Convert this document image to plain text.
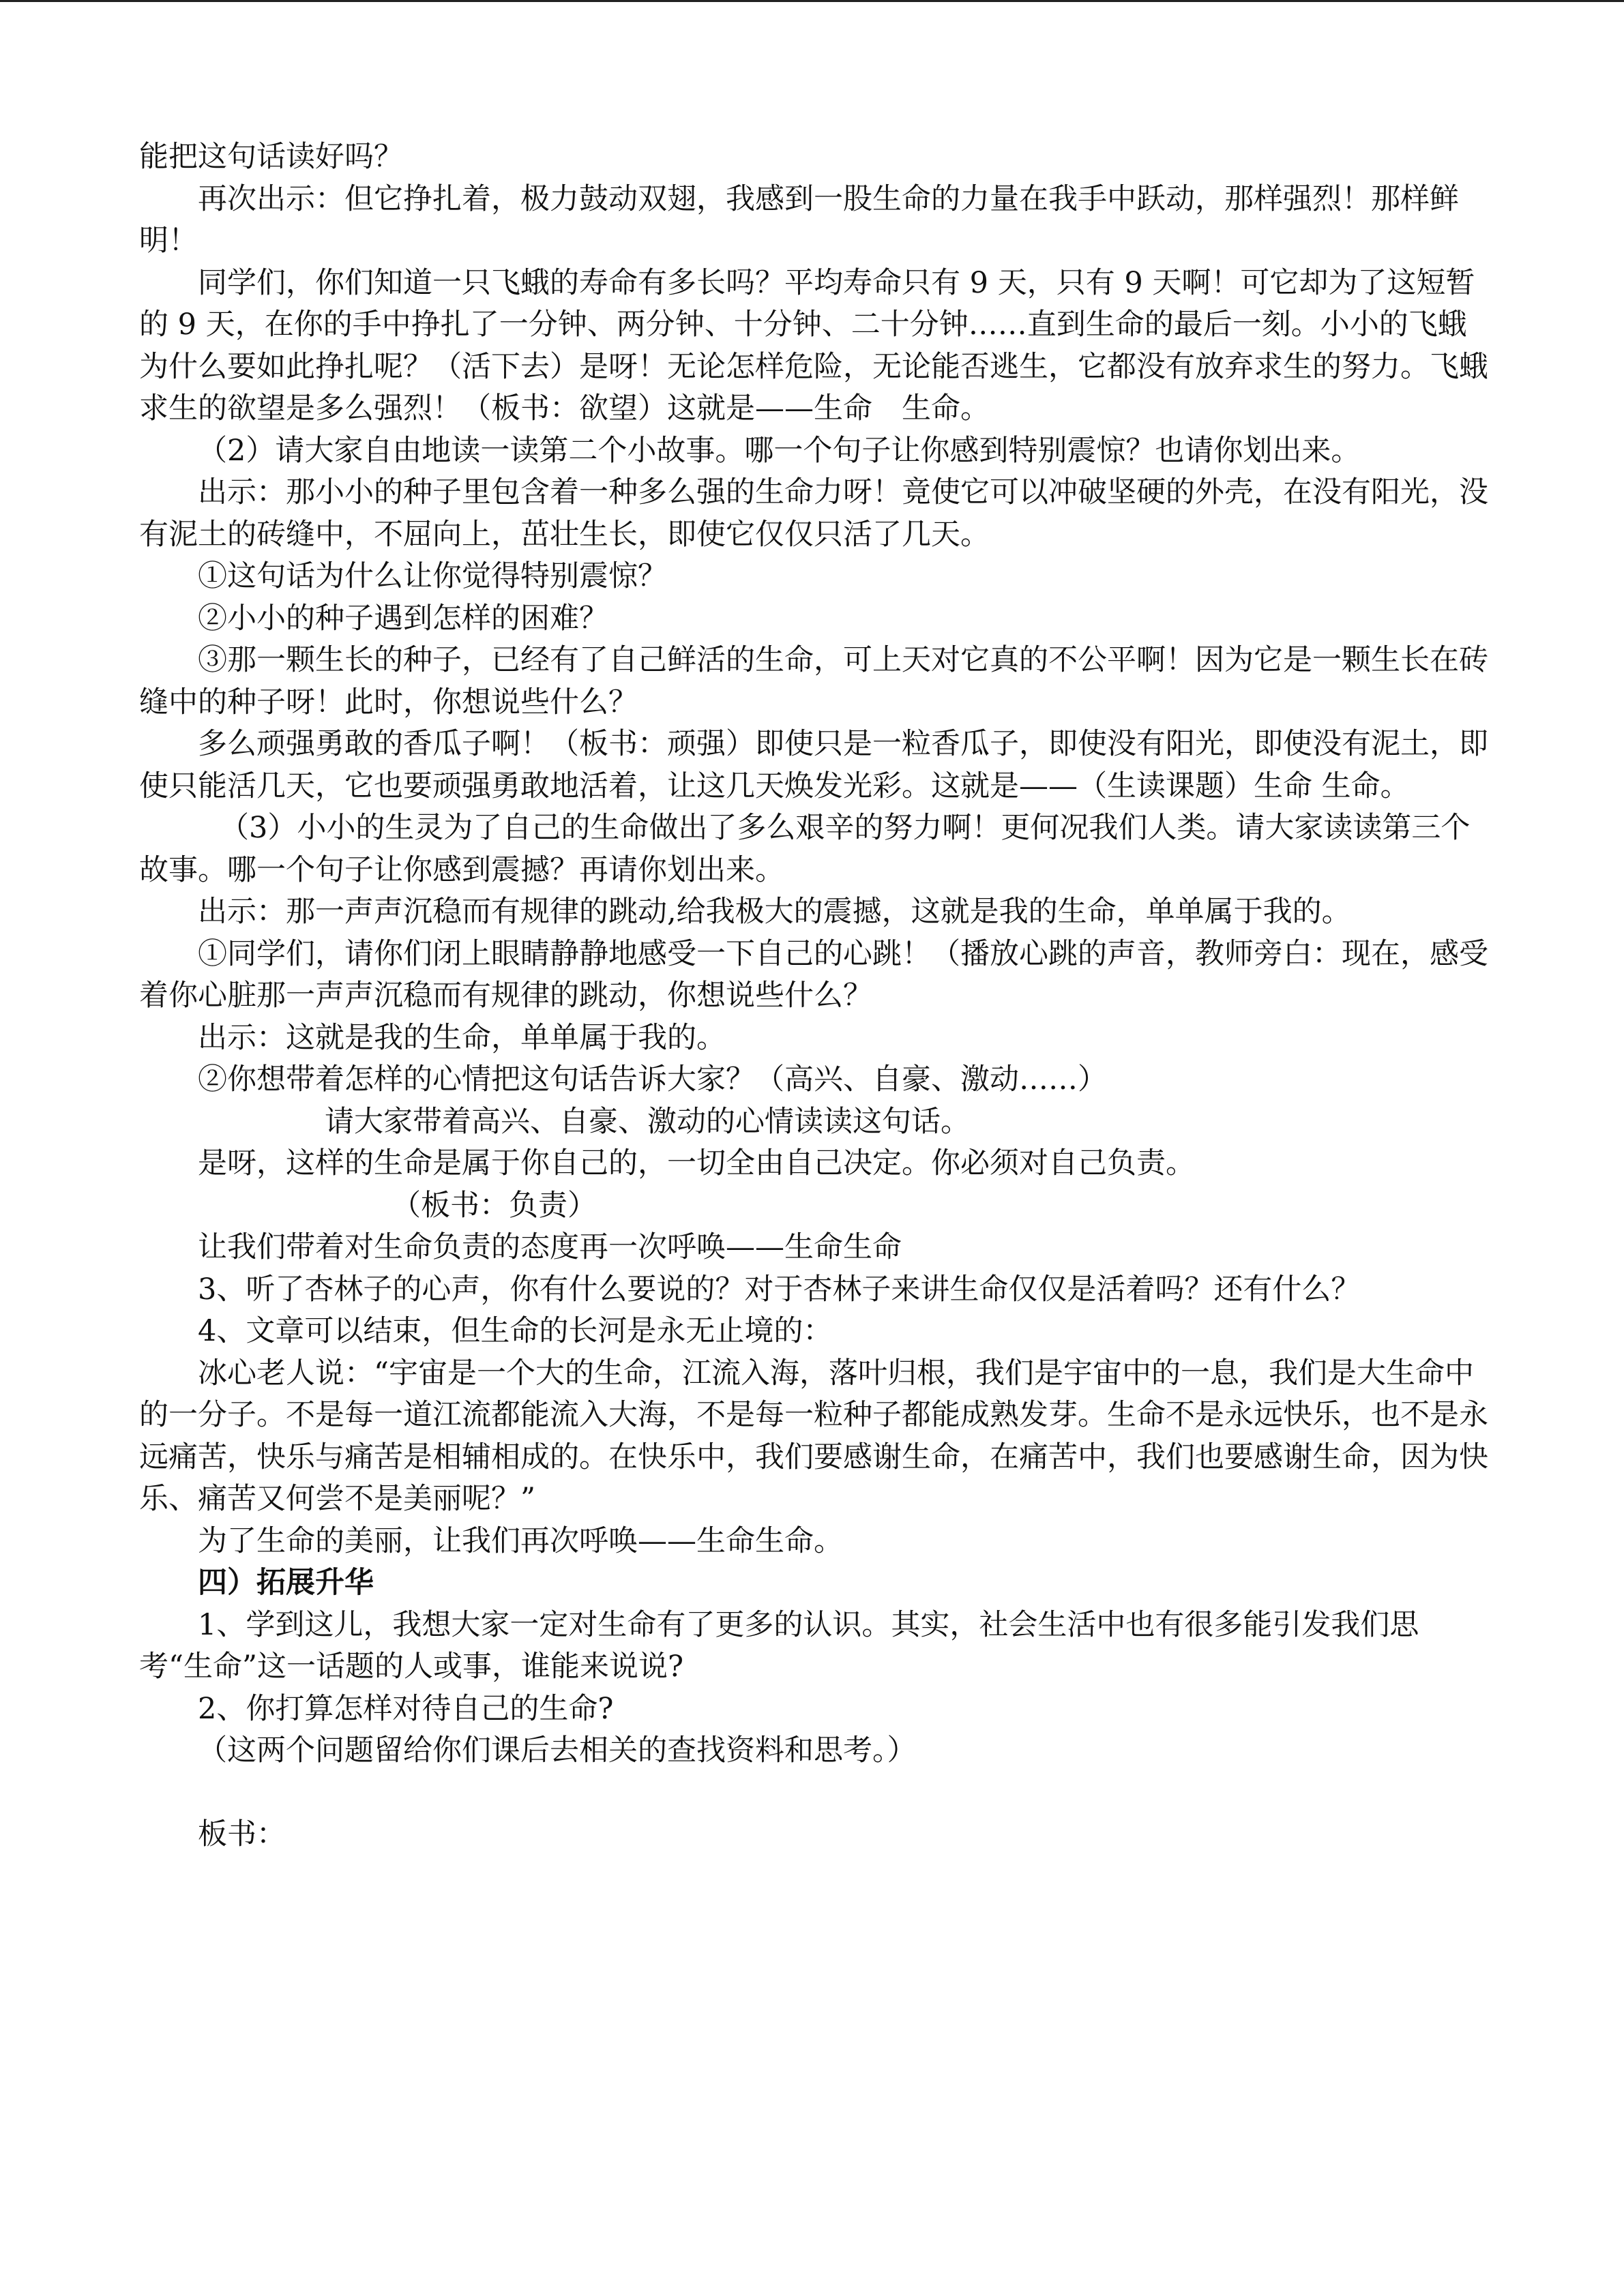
能把这句话读好吗？

再次出示：但它挣扎着，极力鼓动双翅，我感到一股生命的力量在我手中跃动，那样强烈！那样鲜明！

同学们，你们知道一只飞蛾的寿命有多长吗？平均寿命只有 9 天，只有 9 天啊！可它却为了这短暂的 9 天，在你的手中挣扎了一分钟、两分钟、十分钟、二十分钟……直到生命的最后一刻。小小的飞蛾为什么要如此挣扎呢？（活下去）是呀！无论怎样危险，无论能否逃生，它都没有放弃求生的努力。飞蛾求生的欲望是多么强烈！（板书：欲望）这就是——生命　生命。

（2）请大家自由地读一读第二个小故事。哪一个句子让你感到特别震惊？也请你划出来。

出示：那小小的种子里包含着一种多么强的生命力呀！竟使它可以冲破坚硬的外壳，在没有阳光，没有泥土的砖缝中，不屈向上，茁壮生长，即使它仅仅只活了几天。

①这句话为什么让你觉得特别震惊？

②小小的种子遇到怎样的困难？

③那一颗生长的种子，已经有了自己鲜活的生命，可上天对它真的不公平啊！因为它是一颗生长在砖缝中的种子呀！此时，你想说些什么？

多么顽强勇敢的香瓜子啊！（板书：顽强）即使只是一粒香瓜子，即使没有阳光，即使没有泥土，即使只能活几天，它也要顽强勇敢地活着，让这几天焕发光彩。这就是——（生读课题）生命 生命。

（3）小小的生灵为了自己的生命做出了多么艰辛的努力啊！更何况我们人类。请大家读读第三个故事。哪一个句子让你感到震撼？再请你划出来。

出示：那一声声沉稳而有规律的跳动,给我极大的震撼，这就是我的生命，单单属于我的。

①同学们，请你们闭上眼睛静静地感受一下自己的心跳！（播放心跳的声音，教师旁白：现在，感受着你心脏那一声声沉稳而有规律的跳动，你想说些什么？

出示：这就是我的生命，单单属于我的。

②你想带着怎样的心情把这句话告诉大家？（高兴、自豪、激动……）

请大家带着高兴、自豪、激动的心情读读这句话。

是呀，这样的生命是属于你自己的，一切全由自己决定。你必须对自己负责。

（板书：负责）

让我们带着对生命负责的态度再一次呼唤——生命生命

3、听了杏林子的心声，你有什么要说的？对于杏林子来讲生命仅仅是活着吗？还有什么？

4、文章可以结束，但生命的长河是永无止境的：

冰心老人说：“宇宙是一个大的生命，江流入海，落叶归根，我们是宇宙中的一息，我们是大生命中的一分子。不是每一道江流都能流入大海，不是每一粒种子都能成熟发芽。生命不是永远快乐，也不是永远痛苦，快乐与痛苦是相辅相成的。在快乐中，我们要感谢生命，在痛苦中，我们也要感谢生命，因为快乐、痛苦又何尝不是美丽呢？”

为了生命的美丽，让我们再次呼唤——生命生命。

四）拓展升华

1、学到这儿，我想大家一定对生命有了更多的认识。其实，社会生活中也有很多能引发我们思考“生命”这一话题的人或事，谁能来说说?

2、你打算怎样对待自己的生命?

（这两个问题留给你们课后去相关的查找资料和思考。）

板书：
